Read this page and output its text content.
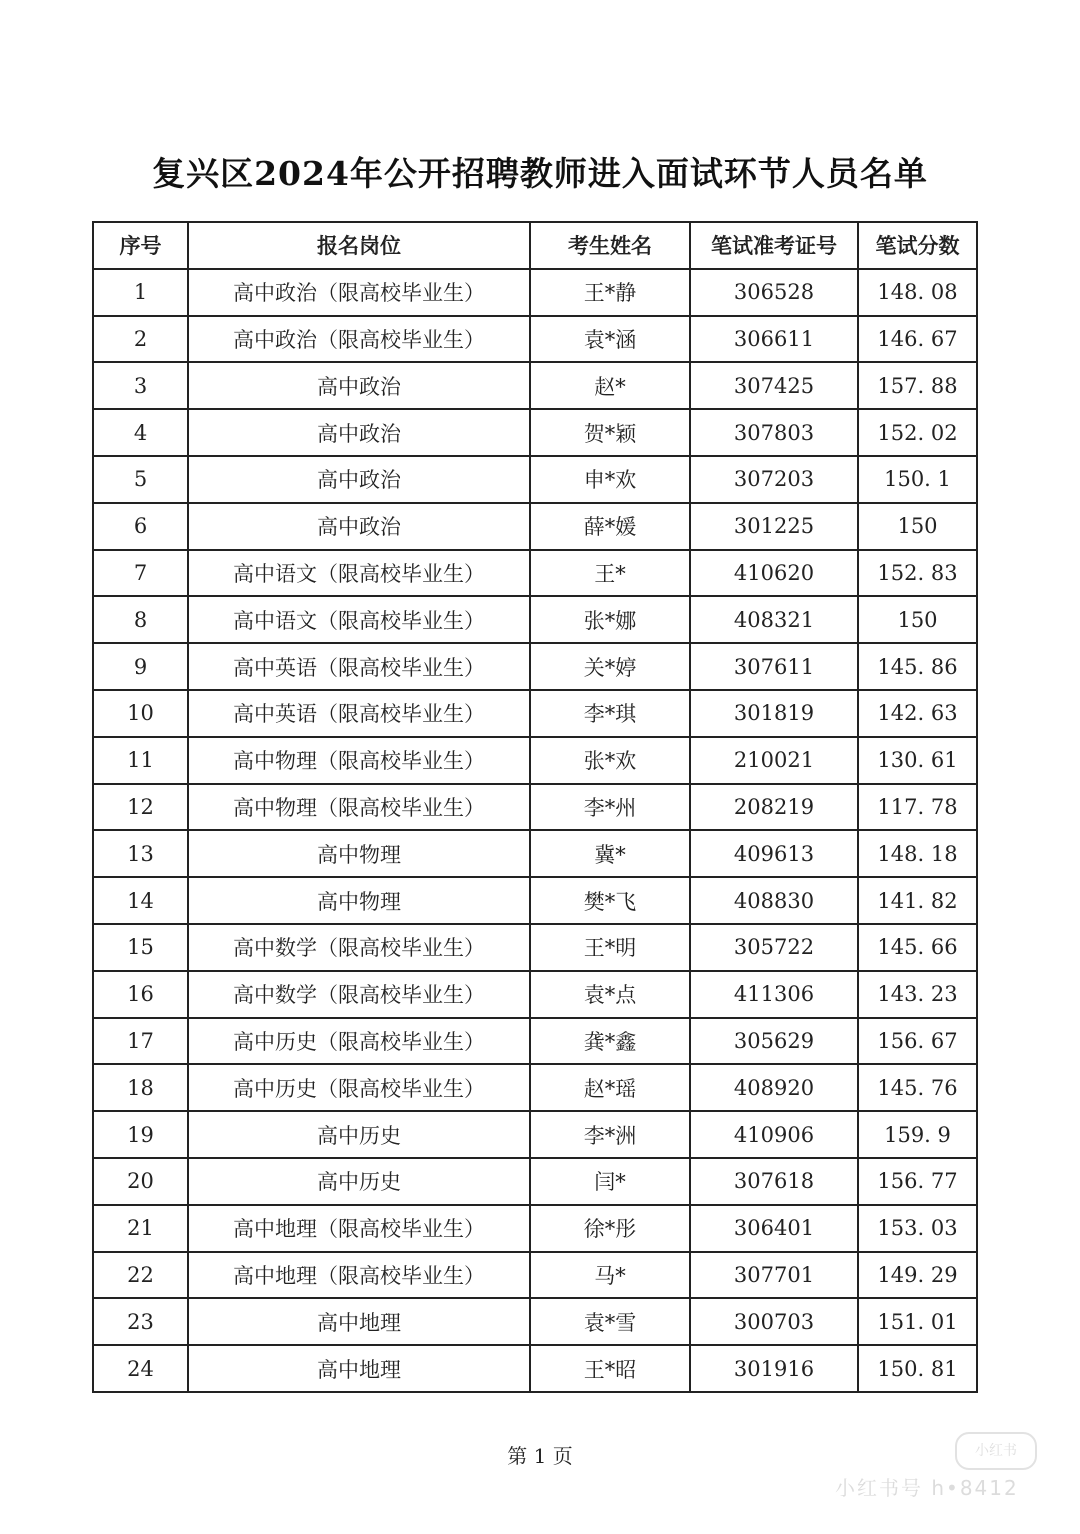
复兴区2024年公开招聘教师进入面试环节人员名单
序号	报名岗位	考生姓名	笔试准考证号	笔试分数
1	高中政治（限高校毕业生）	王*静	306528	148. 08
2	高中政治（限高校毕业生）	袁*涵	306611	146. 67
3	高中政治	赵*	307425	157. 88
4	高中政治	贺*颖	307803	152. 02
5	高中政治	申*欢	307203	150. 1
6	高中政治	薛*媛	301225	150
7	高中语文（限高校毕业生）	王*	410620	152. 83
8	高中语文（限高校毕业生）	张*娜	408321	150
9	高中英语（限高校毕业生）	关*婷	307611	145. 86
10	高中英语（限高校毕业生）	李*琪	301819	142. 63
11	高中物理（限高校毕业生）	张*欢	210021	130. 61
12	高中物理（限高校毕业生）	李*州	208219	117. 78
13	高中物理	冀*	409613	148. 18
14	高中物理	樊*飞	408830	141. 82
15	高中数学（限高校毕业生）	王*明	305722	145. 66
16	高中数学（限高校毕业生）	袁*点	411306	143. 23
17	高中历史（限高校毕业生）	龚*鑫	305629	156. 67
18	高中历史（限高校毕业生）	赵*瑶	408920	145. 76
19	高中历史	李*洲	410906	159. 9
20	高中历史	闫*	307618	156. 77
21	高中地理（限高校毕业生）	徐*彤	306401	153. 03
22	高中地理（限高校毕业生）	马*	307701	149. 29
23	高中地理	袁*雪	300703	151. 01
24	高中地理	王*昭	301916	150. 81
第 1 页	小红书
小红书号 h•8412
